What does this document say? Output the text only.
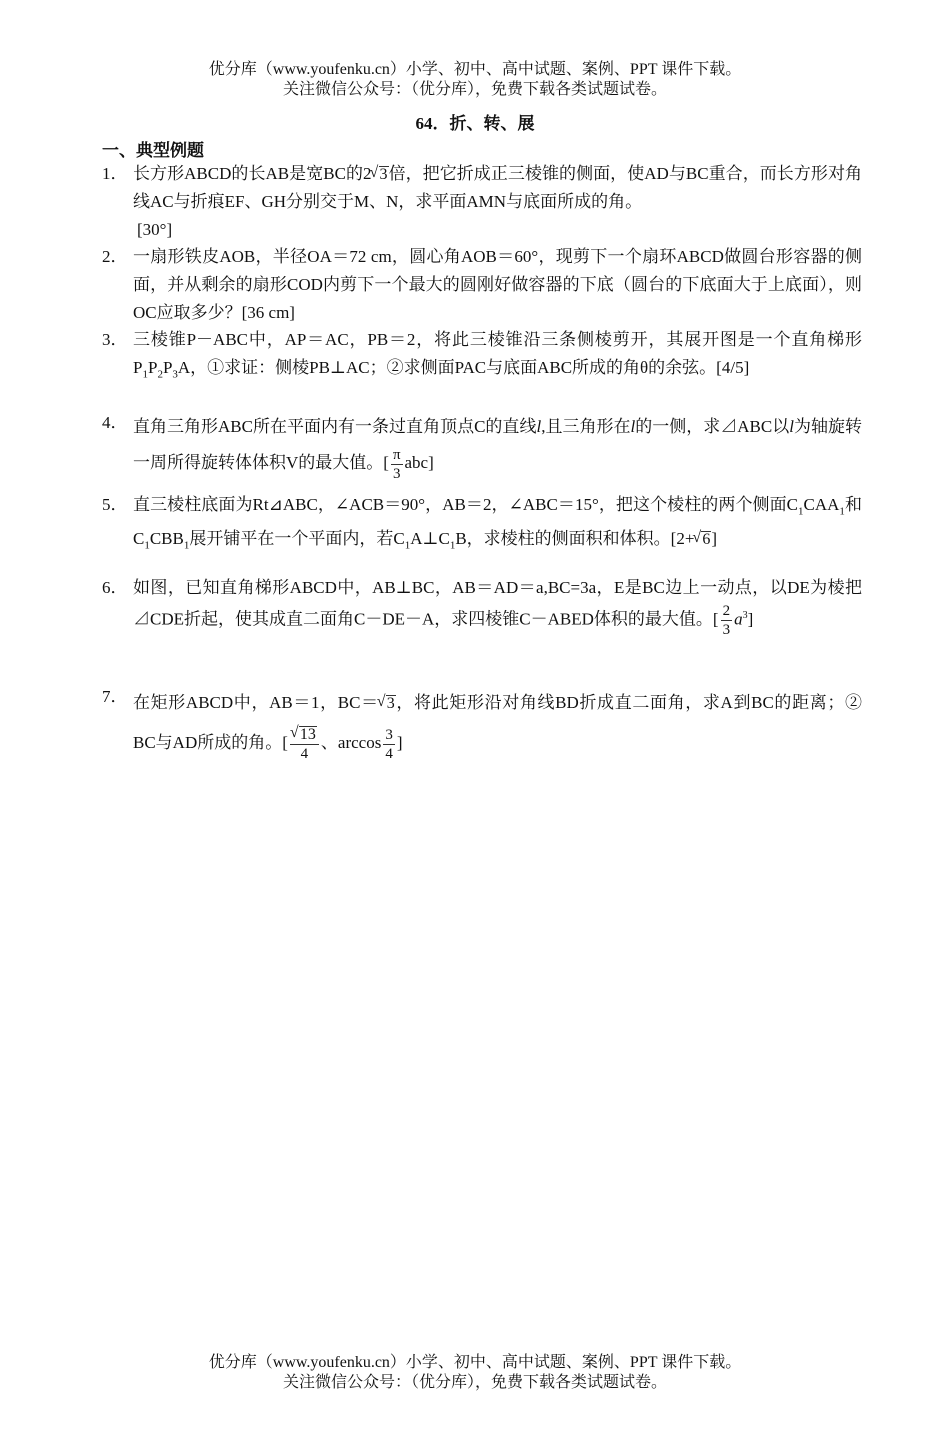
优分库（www.youfenku.cn）小学、初中、高中试题、案例、PPT 课件下载。
关注微信公众号：（优分库），免费下载各类试题试卷。
64．折、转、展
一、典型例题
1． 长方形ABCD的长AB是宽BC的2 √ 3倍，把它折成正三棱锥的侧面，使AD与BC重合，而长方形对角线AC与折痕EF、GH分别交于M、N，求平面AMN与底面所成的角。
[30°]
2． 一扇形铁皮AOB，半径OA＝72 cm，圆心角AOB＝60°，现剪下一个扇环ABCD做圆台形容器的侧面，并从剩余的扇形COD内剪下一个最大的圆刚好做容器的下底（圆台的下底面大于上底面），则OC应取多少？[36 cm]
3． 三棱锥P－ABC中，AP＝AC，PB＝2，将此三棱锥沿三条侧棱剪开，其展开图是一个直角梯形$P_1P_2P_3A$，①求证：侧棱PB⊥AC；②求侧面PAC与底面ABC所成的角θ的余弦。[4/5]
4． 直角三角形ABC所在平面内有一条过直角顶点C的直线l,且三角形在l的一侧，求⊿ABC以l为轴旋转一周所得旋转体体积V的最大值。[ $\frac{\pi}{3} abc$]
5． 直三棱柱底面为Rt⊿ABC，∠ACB＝90°，AB＝2，∠ABC＝15°，把这个棱柱的两个侧面$C_1CAA_1$和$C_1CBB_1$展开铺平在一个平面内，若$C_1A\perp C_1B$，求棱柱的侧面积和体积。[2+ √ 6]
6． 如图，已知直角梯形ABCD中，AB⊥BC，AB＝AD＝a,BC=3a，E是BC边上一动点，以DE为棱把⊿CDE折起，使其成直二面角C－DE－A，求四棱锥C－ABED体积的最大值。[ $\frac{2}{3} a^3$]
7． 在矩形ABCD中，AB＝1，BC＝ √ 3，将此矩形沿对角线BD折成直二面角，求A到BC的距离；② BC与AD所成的角。[ √ $\frac{13}{4}$ 、$\arccos \frac{3}{4}$ ]
优分库（www.youfenku.cn）小学、初中、高中试题、案例、PPT 课件下载。
关注微信公众号：（优分库），免费下载各类试题试卷。
